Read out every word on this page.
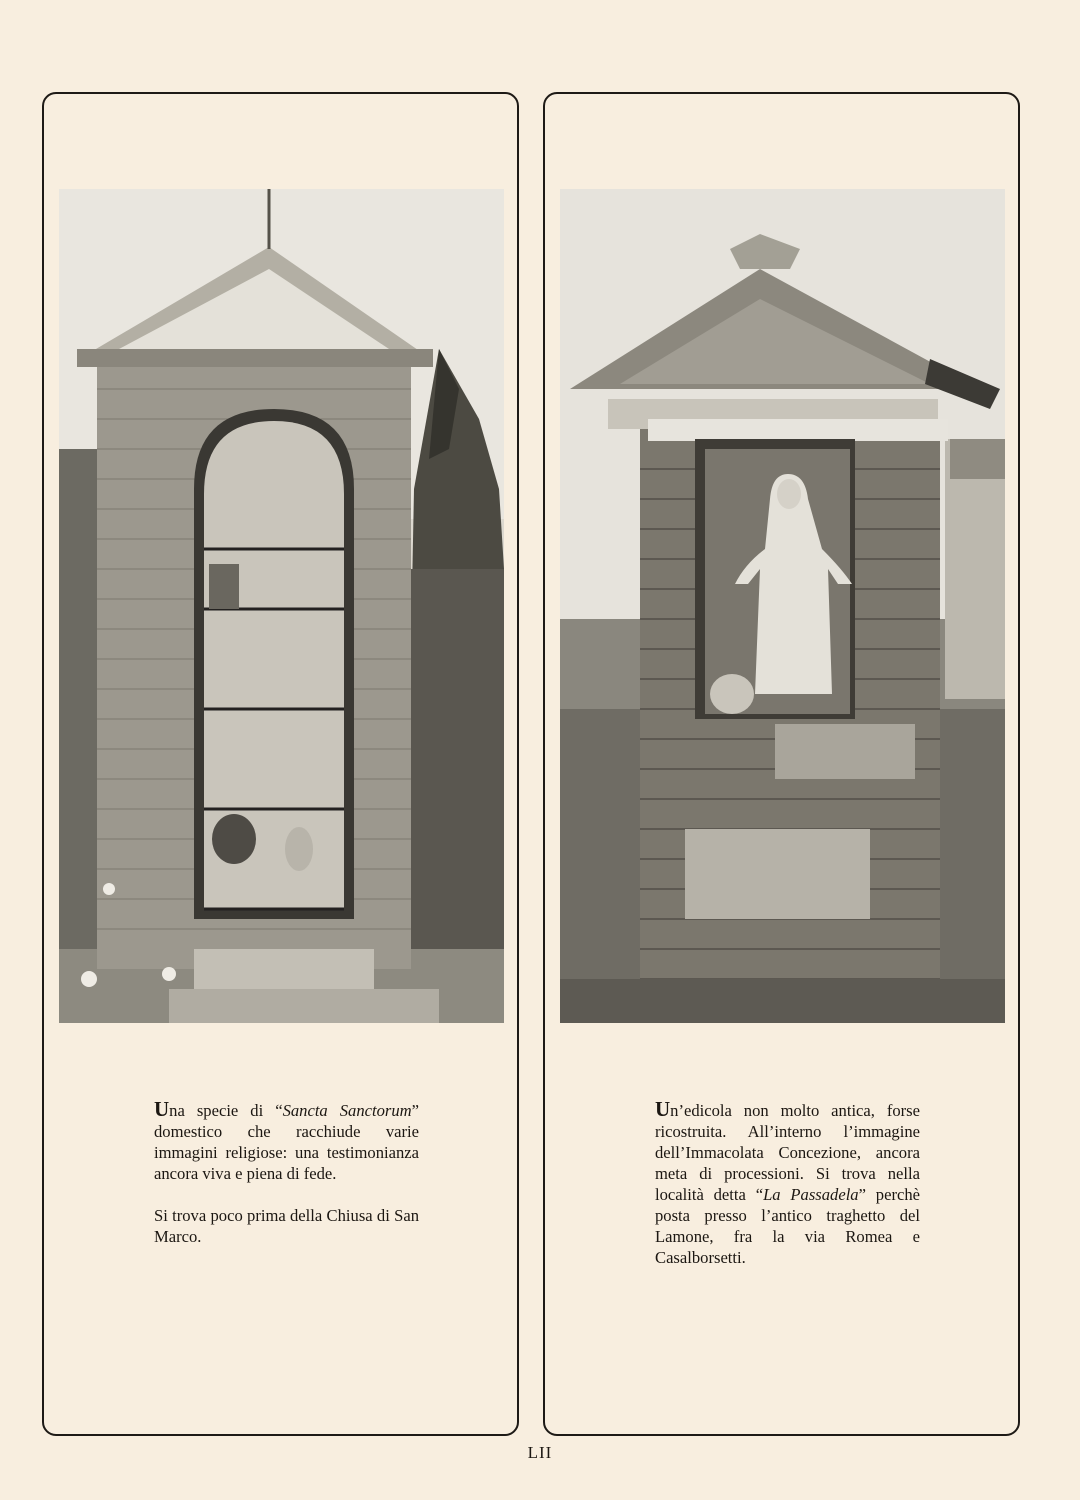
Una specie di “Sancta Sanctorum” domestico che racchiude varie immagini religiose: una testimonianza ancora viva e piena di fede.

Si trova poco prima della Chiusa di San Marco.

Un’edicola non molto antica, forse ricostruita. All’interno l’immagine dell’Immacolata Concezione, ancora meta di processioni. Si trova nella località detta “La Passadela” perchè posta presso l’antico traghetto del Lamone, fra la via Romea e Casalborsetti.

LII
